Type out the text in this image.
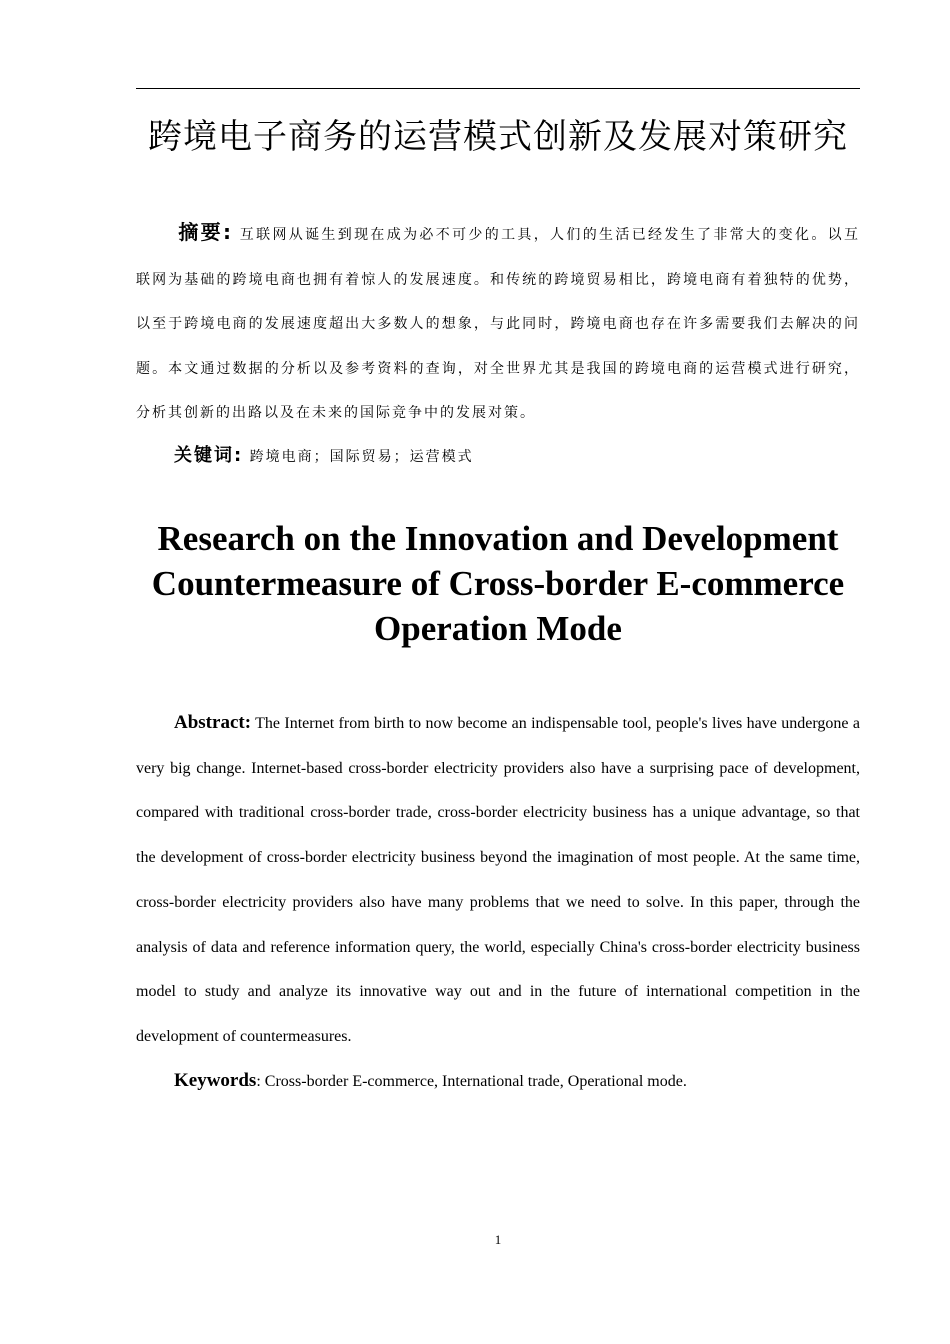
跨境电子商务的运营模式创新及发展对策研究

摘要: 互联网从诞生到现在成为必不可少的工具，人们的生活已经发生了非常大的变化。以互联网为基础的跨境电商也拥有着惊人的发展速度。和传统的跨境贸易相比，跨境电商有着独特的优势，以至于跨境电商的发展速度超出大多数人的想象，与此同时，跨境电商也存在许多需要我们去解决的问题。本文通过数据的分析以及参考资料的查询，对全世界尤其是我国的跨境电商的运营模式进行研究，分析其创新的出路以及在未来的国际竞争中的发展对策。

关键词: 跨境电商；国际贸易；运营模式

Research on the Innovation and Development
Countermeasure of Cross-border E-commerce
Operation Mode

Abstract: The Internet from birth to now become an indispensable tool, people's lives have undergone a very big change. Internet-based cross-border electricity providers also have a surprising pace of development, compared with traditional cross-border trade, cross-border electricity business has a unique advantage, so that the development of cross-border electricity business beyond the imagination of most people. At the same time, cross-border electricity providers also have many problems that we need to solve. In this paper, through the analysis of data and reference information query, the world, especially China's cross-border electricity business model to study and analyze its innovative way out and in the future of international competition in the development of countermeasures.

Keywords: Cross-border E-commerce, International trade, Operational mode.

1
